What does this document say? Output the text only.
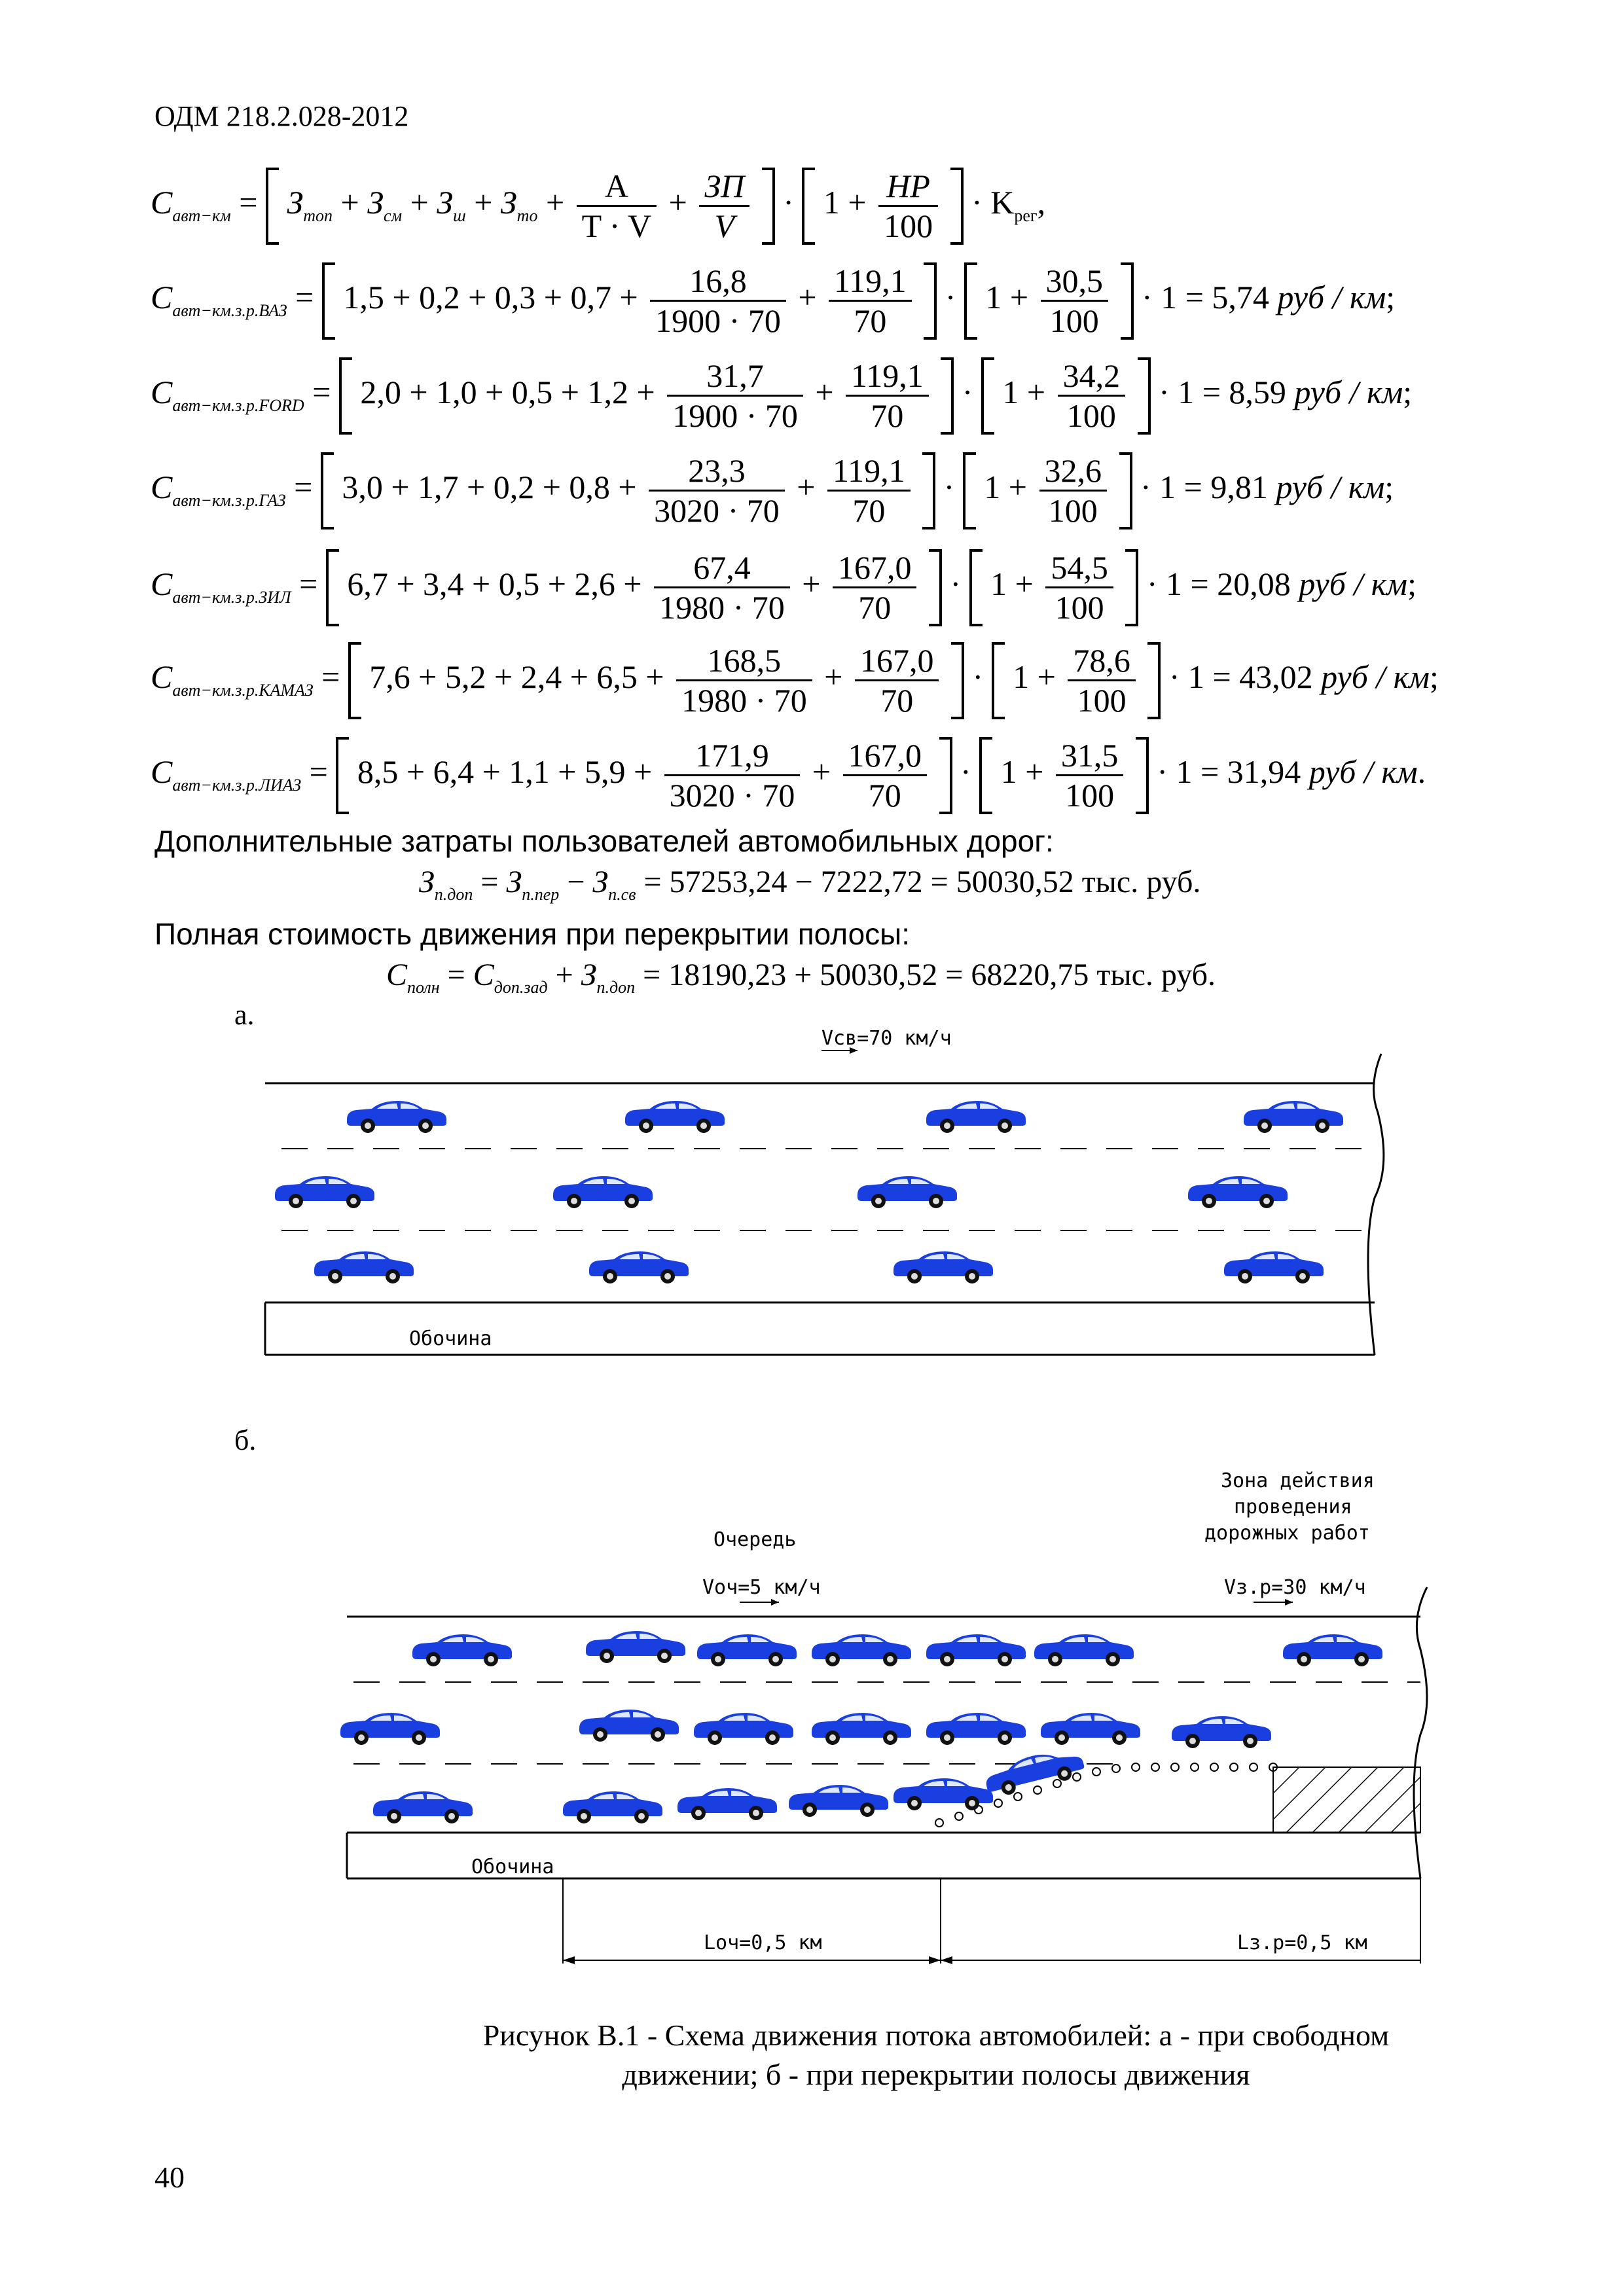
ОДМ 218.2.028-2012
$С_{авт-км} = З_{топ} + З_{см} + З_ш + З_{то} + \frac{А}{T \cdot V} + \frac{ЗП}{V} \cdot 1 + \frac{НР}{100} \cdot K_{рег}$,
$С_{авт-км.з.р.ВАЗ} = 1,5 + 0,2 + 0,3 + 0,7 + \frac{16,8}{1900 \cdot 70} + \frac{119,1}{70} \cdot 1 + \frac{30,5}{100} \cdot 1 = 5,74$ руб / км;
$С_{авт-км.з.р.FORD} = 2,0 + 1,0 + 0,5 + 1,2 + \frac{31,7}{1900 \cdot 70} + \frac{119,1}{70} \cdot 1 + \frac{34,2}{100} \cdot 1 = 8,59$ руб / км;
$С_{авт-км.з.р.ГАЗ} = 3,0 + 1,7 + 0,2 + 0,8 + \frac{23,3}{3020 \cdot 70} + \frac{119,1}{70} \cdot 1 + \frac{32,6}{100} \cdot 1 = 9,81$ руб / км;
$С_{авт-км.з.р.ЗИЛ} = 6,7 + 3,4 + 0,5 + 2,6 + \frac{67,4}{1980 \cdot 70} + \frac{167,0}{70} \cdot 1 + \frac{54,5}{100} \cdot 1 = 20,08$ руб / км;
$С_{авт-км.з.р.КАМАЗ} = 7,6 + 5,2 + 2,4 + 6,5 + \frac{168,5}{1980 \cdot 70} + \frac{167,0}{70} \cdot 1 + \frac{78,6}{100} \cdot 1 = 43,02$ руб / км;
$С_{авт-км.з.р.ЛИАЗ} = 8,5 + 6,4 + 1,1 + 5,9 + \frac{171,9}{3020 \cdot 70} + \frac{167,0}{70} \cdot 1 + \frac{31,5}{100} \cdot 1 = 31,94$ руб / км.
Дополнительные затраты пользователей автомобильных дорог:
$З_{п.доп} = З_{п.пер} - З_{п.св} = 57253,24 - 7222,72 = 50030,52$ тыс. руб.
Полная стоимость движения при перекрытии полосы:
$С_{полн} = С_{доп.зад} + З_{п.доп} = 18190,23 + 50030,52 = 68220,75$ тыс. руб.
а.
Vсв=70 км/ч
Обочина
Зона действия
проведения
дорожных работ
Очередь
Vоч=5 км/ч	Vз.р=30 км/ч
Обочина
Lоч=0,5 км	Lз.р=0,5 км
б.
Рисунок В.1 - Схема движения потока автомобилей: а - при свободном
движении; б - при перекрытии полосы движения
40
